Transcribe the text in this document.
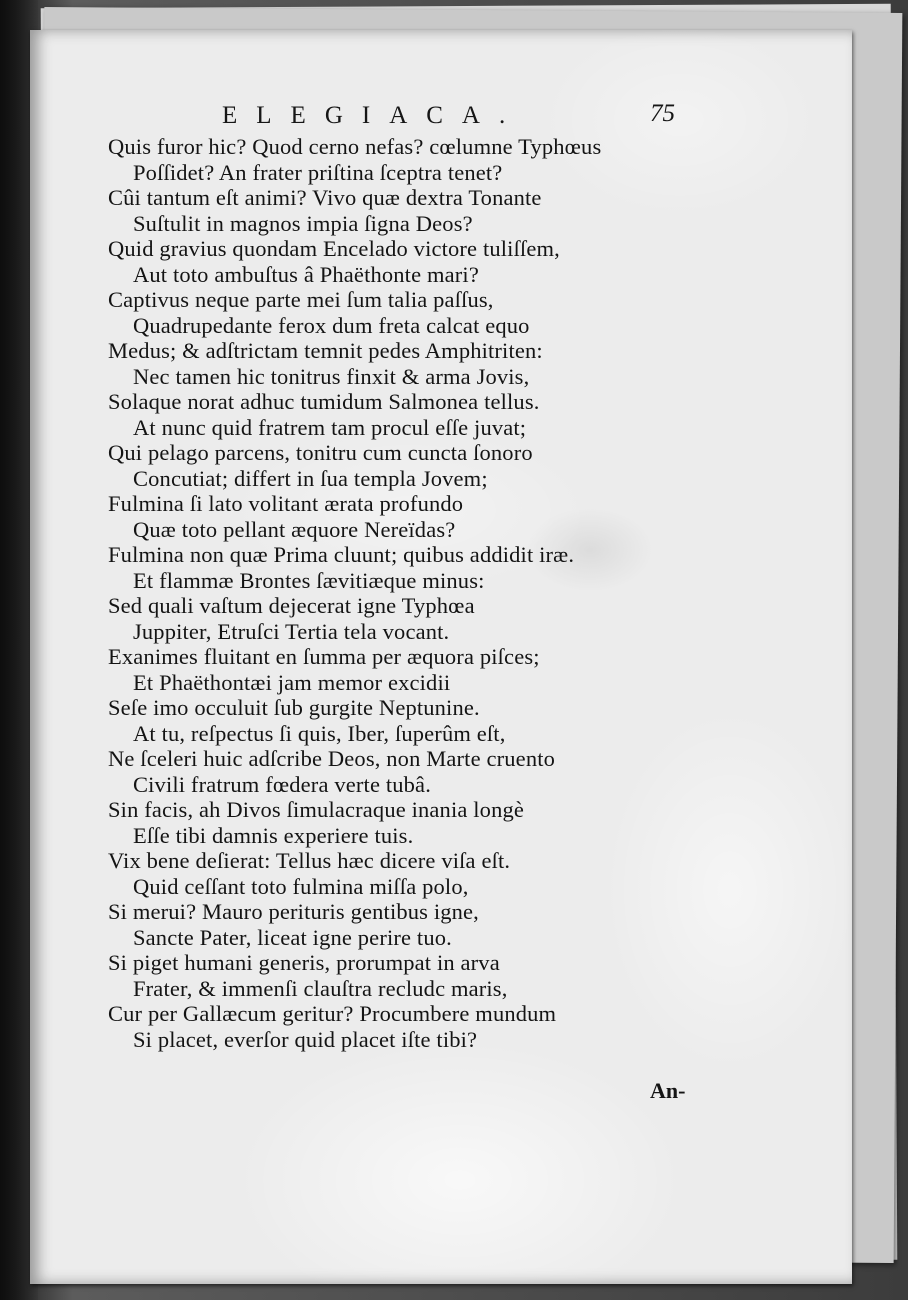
ELEGIACA.	75
Quis furor hic? Quod cerno nefas? cœlumne Typhœus
Poſſidet? An frater priſtina ſceptra tenet?
Cûi tantum eſt animi? Vivo quæ dextra Tonante
Suſtulit in magnos impia ſigna Deos?
Quid gravius quondam Encelado victore tuliſſem,
Aut toto ambuſtus â Phaëthonte mari?
Captivus neque parte mei ſum talia paſſus,
Quadrupedante ferox dum freta calcat equo
Medus; & adſtrictam temnit pedes Amphitriten:
Nec tamen hic tonitrus finxit & arma Jovis,
Solaque norat adhuc tumidum Salmonea tellus.
At nunc quid fratrem tam procul eſſe juvat;
Qui pelago parcens, tonitru cum cuncta ſonoro
Concutiat; differt in ſua templa Jovem;
Fulmina ſi lato volitant ærata profundo
Quæ toto pellant æquore Nereïdas?
Fulmina non quæ Prima cluunt; quibus addidit iræ.
Et flammæ Brontes ſævitiæque minus:
Sed quali vaſtum dejecerat igne Typhœa
Juppiter, Etruſci Tertia tela vocant.
Exanimes fluitant en ſumma per æquora piſces;
Et Phaëthontæi jam memor excidii
Seſe imo occuluit ſub gurgite Neptunine.
At tu, reſpectus ſi quis, Iber, ſuperûm eſt,
Ne ſceleri huic adſcribe Deos, non Marte cruento
Civili fratrum fœdera verte tubâ.
Sin facis, ah Divos ſimulacraque inania longè
Eſſe tibi damnis experiere tuis.
Vix bene deſierat: Tellus hæc dicere viſa eſt.
Quid ceſſant toto fulmina miſſa polo,
Si merui? Mauro perituris gentibus igne,
Sancte Pater, liceat igne perire tuo.
Si piget humani generis, prorumpat in arva
Frater, & immenſi clauſtra recludc maris,
Cur per Gallæcum geritur? Procumbere mundum
Si placet, everſor quid placet iſte tibi?
An-
